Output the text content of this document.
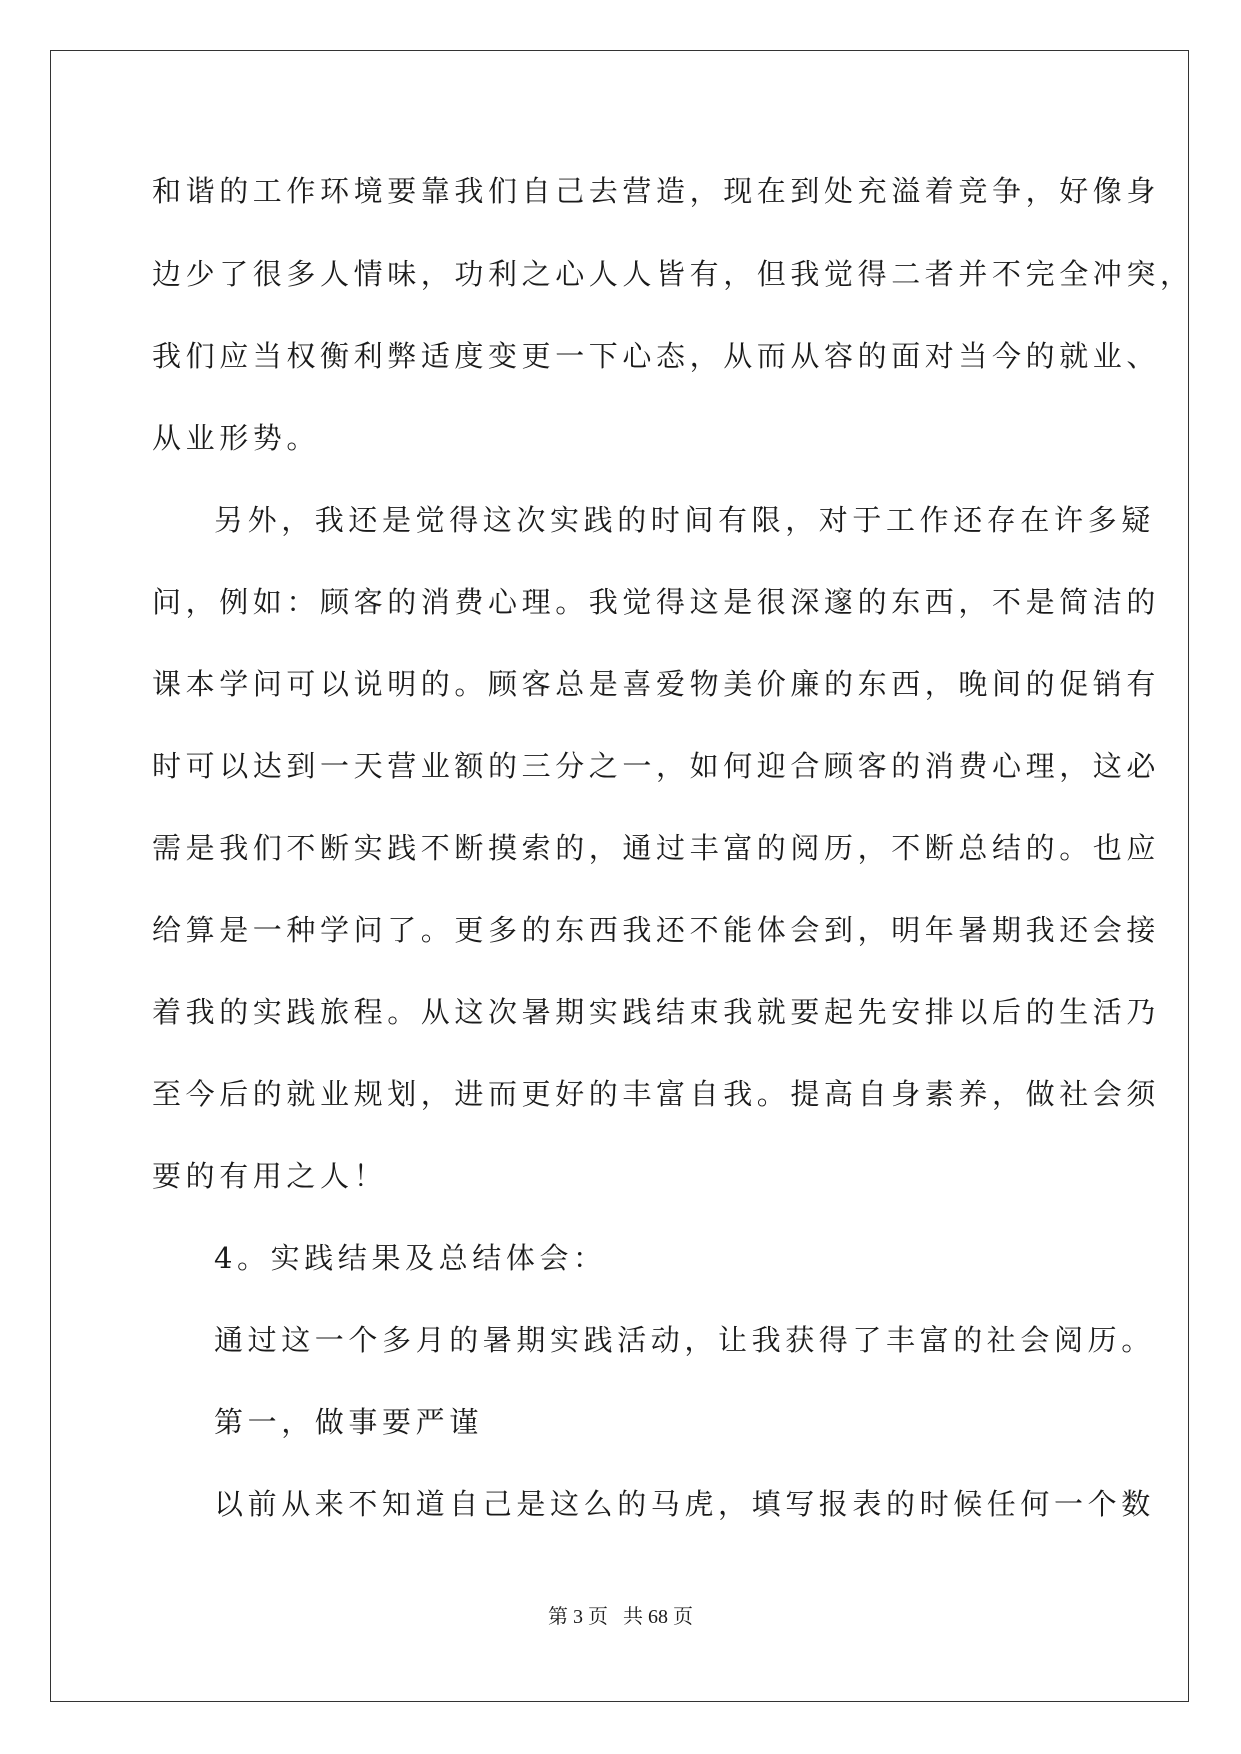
和谐的工作环境要靠我们自己去营造，现在到处充溢着竞争，好像身
边少了很多人情味，功利之心人人皆有，但我觉得二者并不完全冲突，
我们应当权衡利弊适度变更一下心态，从而从容的面对当今的就业、
从业形势。
另外，我还是觉得这次实践的时间有限，对于工作还存在许多疑
问，例如：顾客的消费心理。我觉得这是很深邃的东西，不是简洁的
课本学问可以说明的。顾客总是喜爱物美价廉的东西，晚间的促销有
时可以达到一天营业额的三分之一，如何迎合顾客的消费心理，这必
需是我们不断实践不断摸索的，通过丰富的阅历，不断总结的。也应
给算是一种学问了。更多的东西我还不能体会到，明年暑期我还会接
着我的实践旅程。从这次暑期实践结束我就要起先安排以后的生活乃
至今后的就业规划，进而更好的丰富自我。提高自身素养，做社会须
要的有用之人！
4。实践结果及总结体会：
通过这一个多月的暑期实践活动，让我获得了丰富的社会阅历。
第一，做事要严谨
以前从来不知道自己是这么的马虎，填写报表的时候任何一个数
第 3 页 共 68 页
